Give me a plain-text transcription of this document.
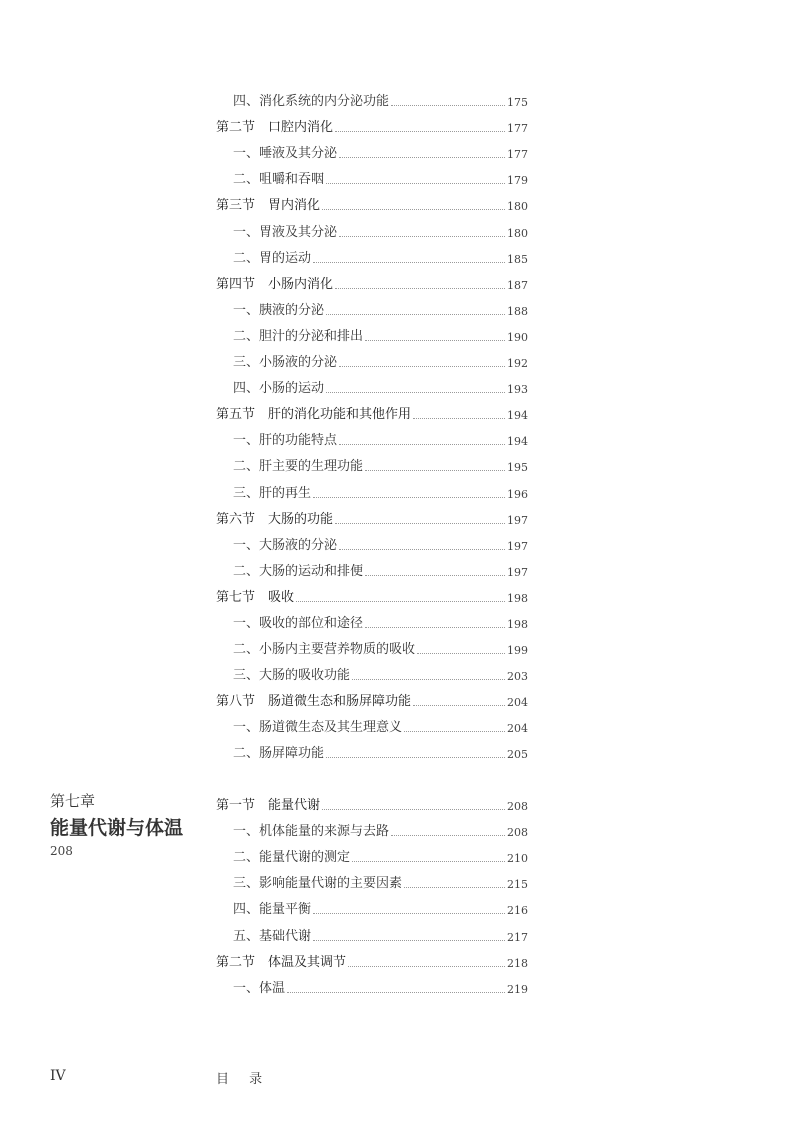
四、消化系统的内分泌功能	175
第二节　口腔内消化	177
一、唾液及其分泌	177
二、咀嚼和吞咽	179
第三节　胃内消化	180
一、胃液及其分泌	180
二、胃的运动	185
第四节　小肠内消化	187
一、胰液的分泌	188
二、胆汁的分泌和排出	190
三、小肠液的分泌	192
四、小肠的运动	193
第五节　肝的消化功能和其他作用	194
一、肝的功能特点	194
二、肝主要的生理功能	195
三、肝的再生	196
第六节　大肠的功能	197
一、大肠液的分泌	197
二、大肠的运动和排便	197
第七节　吸收	198
一、吸收的部位和途径	198
二、小肠内主要营养物质的吸收	199
三、大肠的吸收功能	203
第八节　肠道微生态和肠屏障功能	204
一、肠道微生态及其生理意义	204
二、肠屏障功能	205
第七章
能量代谢与体温
208
第一节　能量代谢	208
一、机体能量的来源与去路	208
二、能量代谢的测定	210
三、影响能量代谢的主要因素	215
四、能量平衡	216
五、基础代谢	217
第二节　体温及其调节	218
一、体温	219
IV	目 录
